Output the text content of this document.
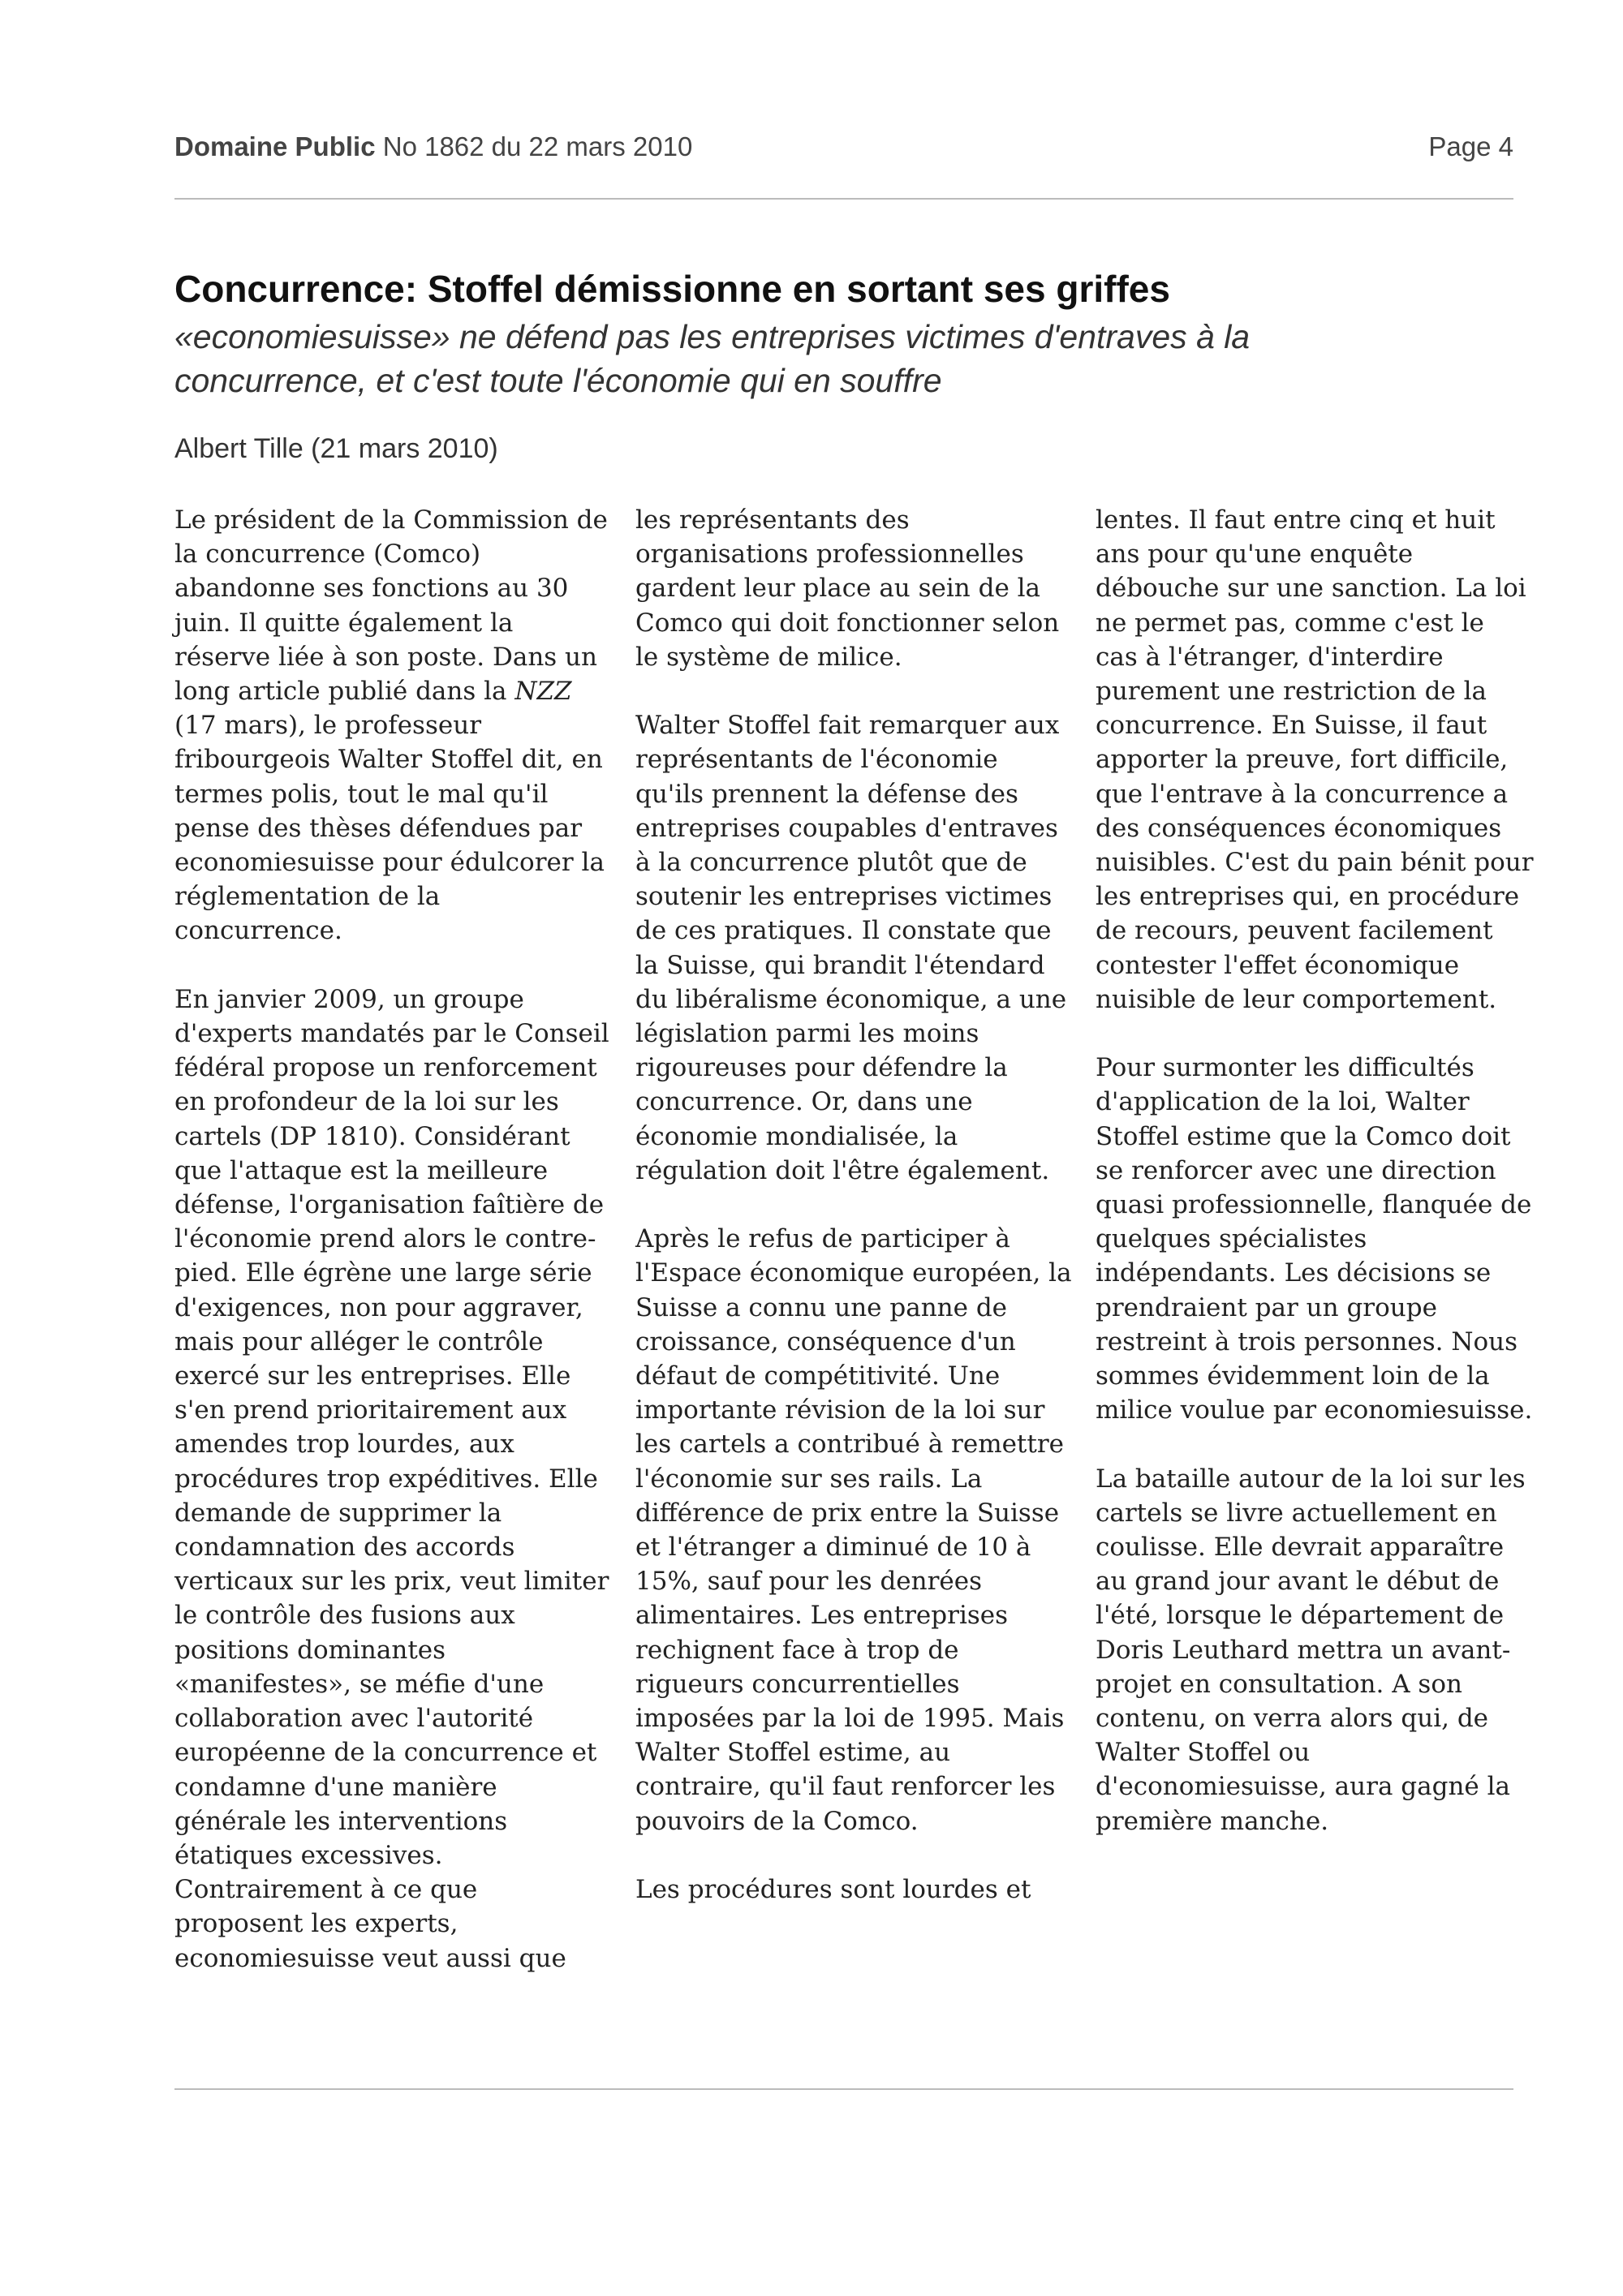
Domaine Public No 1862 du 22 mars 2010	Page 4
Concurrence: Stoffel démissionne en sortant ses griffes

«economiesuisse» ne défend pas les entreprises victimes d'entraves à la concurrence, et c'est toute l'économie qui en souffre

Albert Tille (21 mars 2010)

Le président de la Commission de la concurrence (Comco) abandonne ses fonctions au 30 juin. Il quitte également la réserve liée à son poste. Dans un long article publié dans la NZZ (17 mars), le professeur fribourgeois Walter Stoffel dit, en termes polis, tout le mal qu'il pense des thèses défendues par economiesuisse pour édulcorer la réglementation de la concurrence.

En janvier 2009, un groupe d'experts mandatés par le Conseil fédéral propose un renforcement en profondeur de la loi sur les cartels (DP 1810). Considérant que l'attaque est la meilleure défense, l'organisation faîtière de l'économie prend alors le contre-pied. Elle égrène une large série d'exigences, non pour aggraver, mais pour alléger le contrôle exercé sur les entreprises. Elle s'en prend prioritairement aux amendes trop lourdes, aux procédures trop expéditives. Elle demande de supprimer la condamnation des accords verticaux sur les prix, veut limiter le contrôle des fusions aux positions dominantes «manifestes», se méfie d'une collaboration avec l'autorité européenne de la concurrence et condamne d'une manière générale les interventions étatiques excessives. Contrairement à ce que proposent les experts, economiesuisse veut aussi que

les représentants des organisations professionnelles gardent leur place au sein de la Comco qui doit fonctionner selon le système de milice.

Walter Stoffel fait remarquer aux représentants de l'économie qu'ils prennent la défense des entreprises coupables d'entraves à la concurrence plutôt que de soutenir les entreprises victimes de ces pratiques. Il constate que la Suisse, qui brandit l'étendard du libéralisme économique, a une législation parmi les moins rigoureuses pour défendre la concurrence. Or, dans une économie mondialisée, la régulation doit l'être également.

Après le refus de participer à l'Espace économique européen, la Suisse a connu une panne de croissance, conséquence d'un défaut de compétitivité. Une importante révision de la loi sur les cartels a contribué à remettre l'économie sur ses rails. La différence de prix entre la Suisse et l'étranger a diminué de 10 à 15%, sauf pour les denrées alimentaires. Les entreprises rechignent face à trop de rigueurs concurrentielles imposées par la loi de 1995. Mais Walter Stoffel estime, au contraire, qu'il faut renforcer les pouvoirs de la Comco.

Les procédures sont lourdes et

lentes. Il faut entre cinq et huit ans pour qu'une enquête débouche sur une sanction. La loi ne permet pas, comme c'est le cas à l'étranger, d'interdire purement une restriction de la concurrence. En Suisse, il faut apporter la preuve, fort difficile, que l'entrave à la concurrence a des conséquences économiques nuisibles. C'est du pain bénit pour les entreprises qui, en procédure de recours, peuvent facilement contester l'effet économique nuisible de leur comportement.

Pour surmonter les difficultés d'application de la loi, Walter Stoffel estime que la Comco doit se renforcer avec une direction quasi professionnelle, flanquée de quelques spécialistes indépendants. Les décisions se prendraient par un groupe restreint à trois personnes. Nous sommes évidemment loin de la milice voulue par economiesuisse.

La bataille autour de la loi sur les cartels se livre actuellement en coulisse. Elle devrait apparaître au grand jour avant le début de l'été, lorsque le département de Doris Leuthard mettra un avant-projet en consultation. A son contenu, on verra alors qui, de Walter Stoffel ou d'economiesuisse, aura gagné la première manche.
